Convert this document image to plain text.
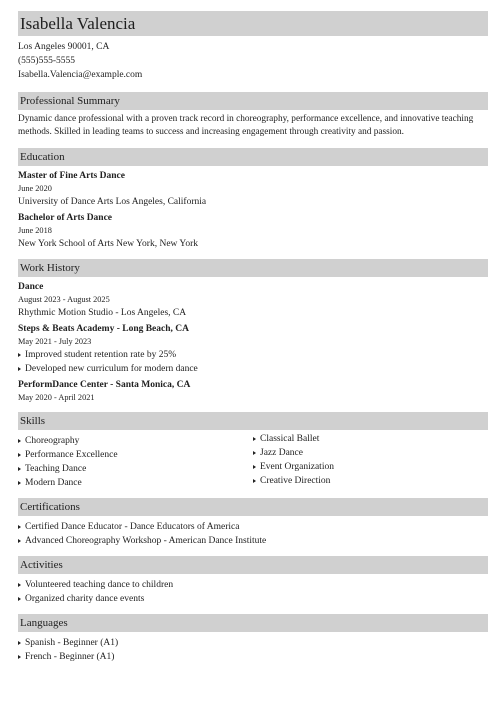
Isabella Valencia
Los Angeles 90001, CA
(555)555-5555
Isabella.Valencia@example.com
Professional Summary
Dynamic dance professional with a proven track record in choreography, performance excellence, and innovative teaching methods. Skilled in leading teams to success and increasing engagement through creativity and passion.
Education
Master of Fine Arts Dance
June 2020
University of Dance Arts Los Angeles, California
Bachelor of Arts Dance
June 2018
New York School of Arts New York, New York
Work History
Dance
August 2023 - August 2025
Rhythmic Motion Studio - Los Angeles, CA
Steps & Beats Academy - Long Beach, CA
May 2021 - July 2023
Improved student retention rate by 25%
Developed new curriculum for modern dance
PerformDance Center - Santa Monica, CA
May 2020 - April 2021
Skills
Choreography
Performance Excellence
Teaching Dance
Modern Dance
Classical Ballet
Jazz Dance
Event Organization
Creative Direction
Certifications
Certified Dance Educator - Dance Educators of America
Advanced Choreography Workshop - American Dance Institute
Activities
Volunteered teaching dance to children
Organized charity dance events
Languages
Spanish - Beginner (A1)
French - Beginner (A1)
